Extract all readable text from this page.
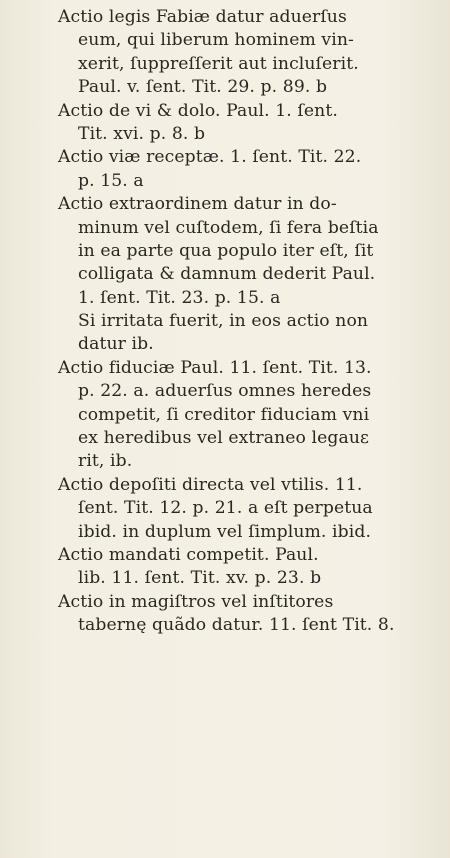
Actio legis Fabiæ datur aduerſus
eum, qui liberum hominem vin-
xerit, ſuppreſſerit aut incluſerit.
Paul. v. ſent. Tit. 29. p. 89. b
Actio de vi & dolo. Paul. 1. ſent.
Tit. xvi. p. 8. b
Actio viæ receptæ. 1. ſent. Tit. 22.
p. 15. a
Actio extraordinem datur in do-
minum vel cuſtodem, ſi fera beſtia
in ea parte qua populo iter eſt, ſit
colligata & damnum dederit Paul.
1. ſent. Tit. 23. p. 15. a
Si irritata fuerit, in eos actio non
datur ib.
Actio fiduciæ Paul. 11. ſent. Tit. 13.
p. 22. a. aduerſus omnes heredes
competit, ſi creditor fiduciam vni
ex heredibus vel extraneo legauε
rit, ib.
Actio depoſiti directa vel vtilis. 11.
ſent. Tit. 12. p. 21. a eſt perpetua
ibid. in duplum vel ſimplum. ibid.
Actio mandati competit. Paul.
lib. 11. ſent. Tit. xv. p. 23. b
Actio in magiſtros vel inſtitores
tabernę quãdo datur. 11. ſent Tit. 8.
